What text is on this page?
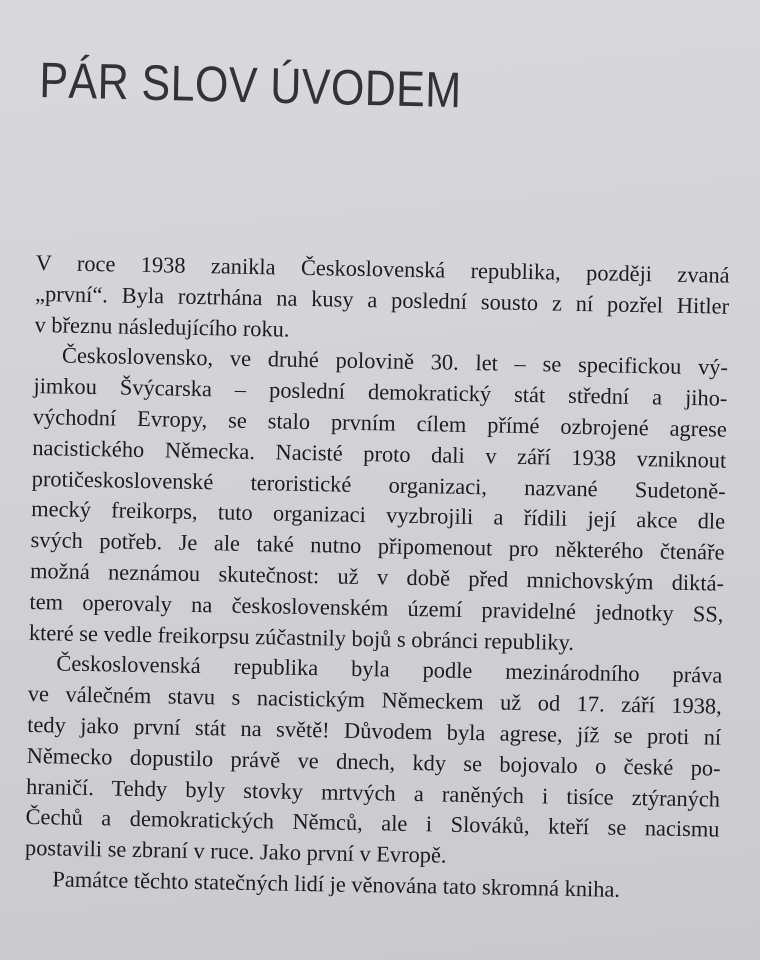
PÁR SLOV ÚVODEM
V roce 1938 zanikla Československá republika, později zvaná
„první“. Byla roztrhána na kusy a poslední sousto z ní pozřel Hitler
v březnu následujícího roku.
Československo, ve druhé polovině 30. let – se specifickou vý-
jimkou Švýcarska – poslední demokratický stát střední a jiho-
východní Evropy, se stalo prvním cílem přímé ozbrojené agrese
nacistického Německa. Nacisté proto dali v září 1938 vzniknout
protičeskoslovenské teroristické organizaci, nazvané Sudetoně-
mecký freikorps, tuto organizaci vyzbrojili a řídili její akce dle
svých potřeb. Je ale také nutno připomenout pro některého čtenáře
možná neznámou skutečnost: už v době před mnichovským diktá-
tem operovaly na československém území pravidelné jednotky SS,
které se vedle freikorpsu zúčastnily bojů s obránci republiky.
Československá republika byla podle mezinárodního práva
ve válečném stavu s nacistickým Německem už od 17. září 1938,
tedy jako první stát na světě! Důvodem byla agrese, jíž se proti ní
Německo dopustilo právě ve dnech, kdy se bojovalo o české po-
hraničí. Tehdy byly stovky mrtvých a raněných i tisíce ztýraných
Čechů a demokratických Němců, ale i Slováků, kteří se nacismu
postavili se zbraní v ruce. Jako první v Evropě.
Památce těchto statečných lidí je věnována tato skromná kniha.
